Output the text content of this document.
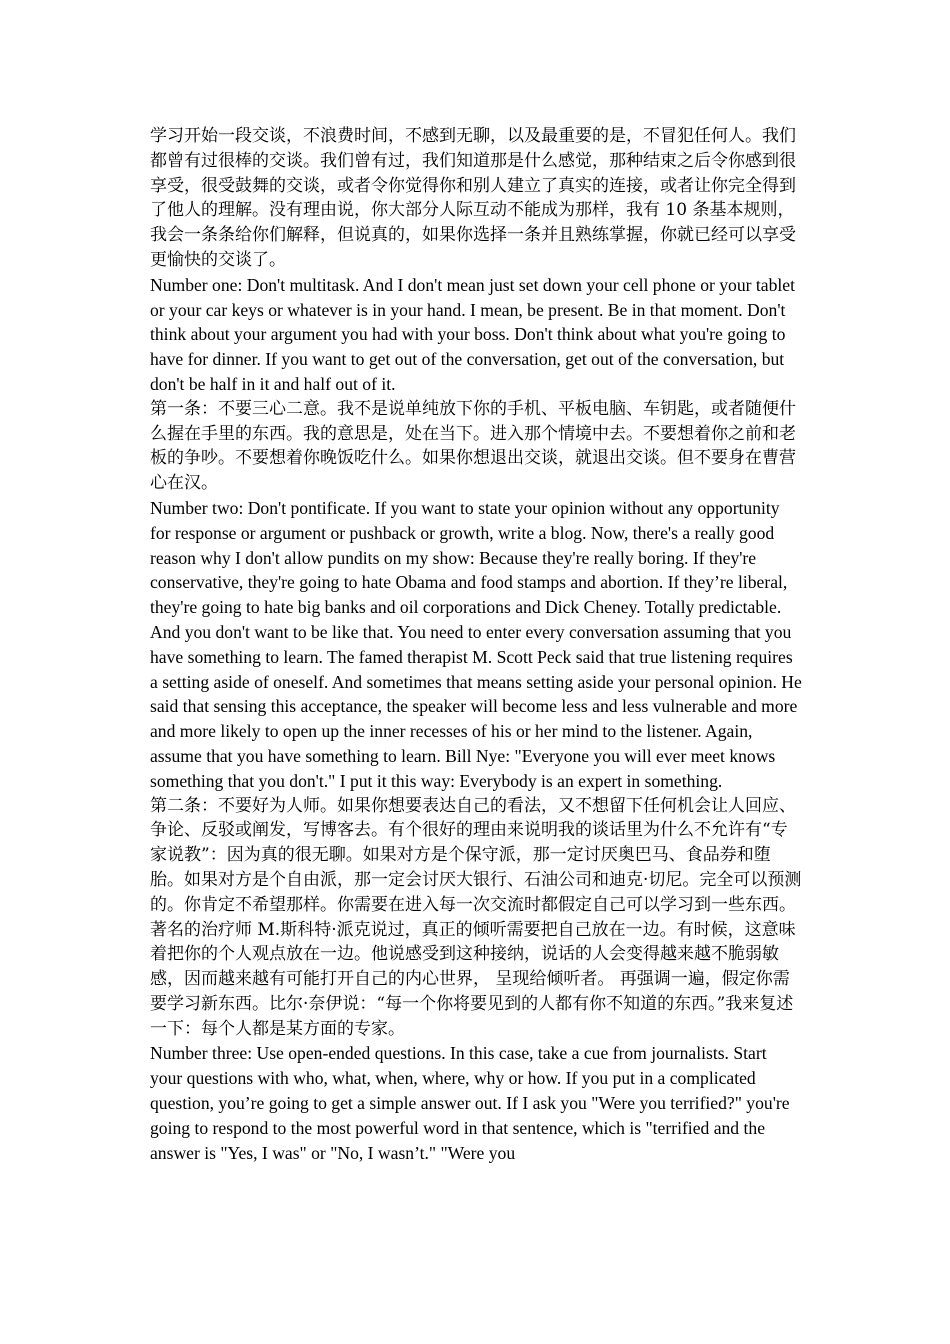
学习开始一段交谈，不浪费时间，不感到无聊，以及最重要的是，不冒犯任何人。我们都曾有过很棒的交谈。我们曾有过，我们知道那是什么感觉，那种结束之后令你感到很享受，很受鼓舞的交谈，或者令你觉得你和别人建立了真实的连接，或者让你完全得到了他人的理解。没有理由说，你大部分人际互动不能成为那样，我有 10 条基本规则，我会一条条给你们解释，但说真的，如果你选择一条并且熟练掌握，你就已经可以享受更愉快的交谈了。

Number one: Don't multitask. And I don't mean just set down your cell phone or your tablet or your car keys or whatever is in your hand. I mean, be present. Be in that moment. Don't think about your argument you had with your boss. Don't think about what you're going to have for dinner. If you want to get out of the conversation, get out of the conversation, but don't be half in it and half out of it.

第一条：不要三心二意。我不是说单纯放下你的手机、平板电脑、车钥匙，或者随便什么握在手里的东西。我的意思是，处在当下。进入那个情境中去。不要想着你之前和老板的争吵。不要想着你晚饭吃什么。如果你想退出交谈，就退出交谈。但不要身在曹营心在汉。

Number two: Don't pontificate. If you want to state your opinion without any opportunity for response or argument or pushback or growth, write a blog. Now, there's a really good reason why I don't allow pundits on my show: Because they're really boring. If they're conservative, they're going to hate Obama and food stamps and abortion. If they’re liberal, they're going to hate big banks and oil corporations and Dick Cheney. Totally predictable. And you don't want to be like that. You need to enter every conversation assuming that you have something to learn. The famed therapist M. Scott Peck said that true listening requires a setting aside of oneself. And sometimes that means setting aside your personal opinion. He said that sensing this acceptance, the speaker will become less and less vulnerable and more and more likely to open up the inner recesses of his or her mind to the listener. Again, assume that you have something to learn. Bill Nye: "Everyone you will ever meet knows something that you don't." I put it this way: Everybody is an expert in something.

第二条：不要好为人师。如果你想要表达自己的看法，又不想留下任何机会让人回应、争论、反驳或阐发，写博客去。有个很好的理由来说明我的谈话里为什么不允许有“专家说教”：因为真的很无聊。如果对方是个保守派，那一定讨厌奥巴马、食品券和堕胎。如果对方是个自由派，那一定会讨厌大银行、石油公司和迪克·切尼。完全可以预测的。你肯定不希望那样。你需要在进入每一次交流时都假定自己可以学习到一些东西。著名的治疗师 M.斯科特·派克说过，真正的倾听需要把自己放在一边。有时候，这意味着把你的个人观点放在一边。他说感受到这种接纳，说话的人会变得越来越不脆弱敏感，因而越来越有可能打开自己的内心世界， 呈现给倾听者。 再强调一遍，假定你需要学习新东西。比尔·奈伊说：“每一个你将要见到的人都有你不知道的东西。”我来复述一下：每个人都是某方面的专家。

Number three: Use open-ended questions. In this case, take a cue from journalists. Start your questions with who, what, when, where, why or how. If you put in a complicated question, you’re going to get a simple answer out. If I ask you "Were you terrified?" you're going to respond to the most powerful word in that sentence, which is "terrified and the answer is "Yes, I was" or "No, I wasn’t." "Were you
